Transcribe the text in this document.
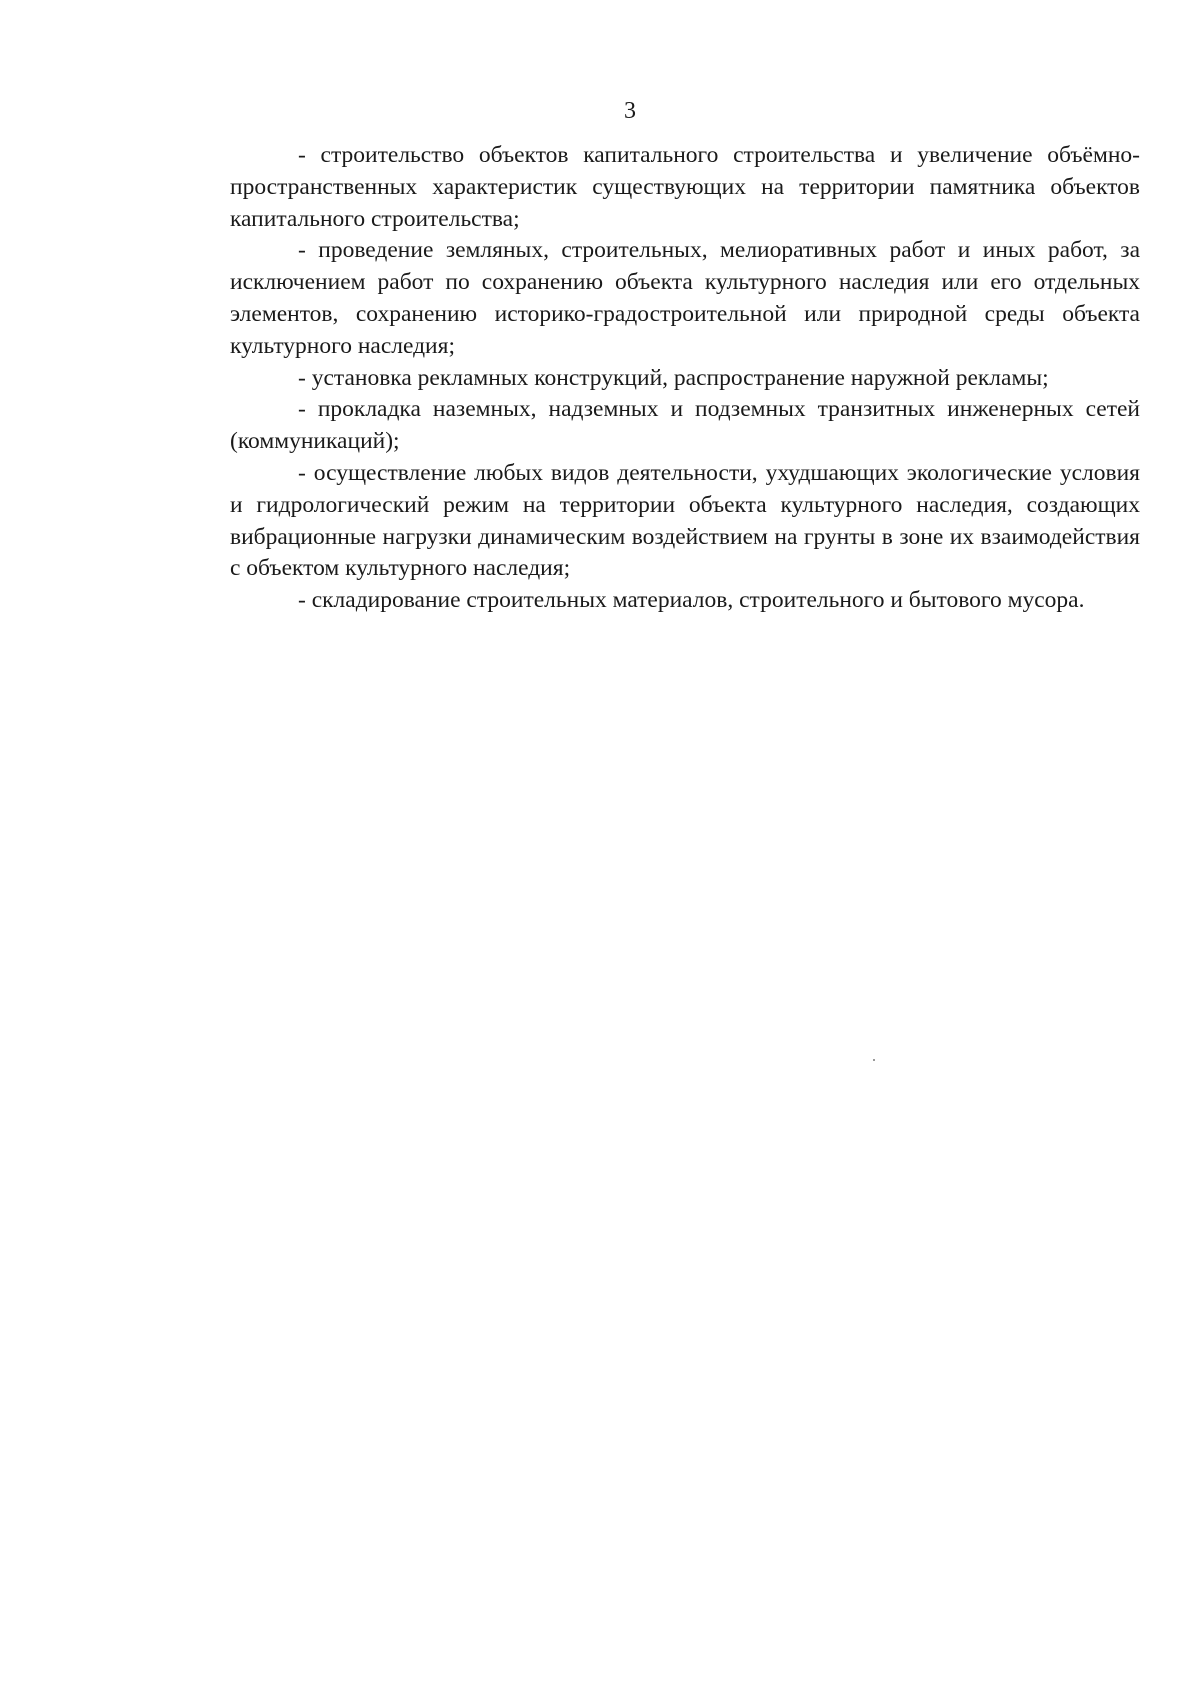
3

- строительство объектов капитального строительства и увеличение объёмно-пространственных характеристик существующих на территории памятника объектов капитального строительства;

- проведение земляных, строительных, мелиоративных работ и иных работ, за исключением работ по сохранению объекта культурного наследия или его отдельных элементов, сохранению историко-градостроительной или природной среды объекта культурного наследия;

- установка рекламных конструкций, распространение наружной рекламы;

- прокладка наземных, надземных и подземных транзитных инженерных сетей (коммуникаций);

- осуществление любых видов деятельности, ухудшающих экологические условия и гидрологический режим на территории объекта культурного наследия, создающих вибрационные нагрузки динамическим воздействием на грунты в зоне их взаимодействия с объектом культурного наследия;

- складирование строительных материалов, строительного и бытового мусора.
